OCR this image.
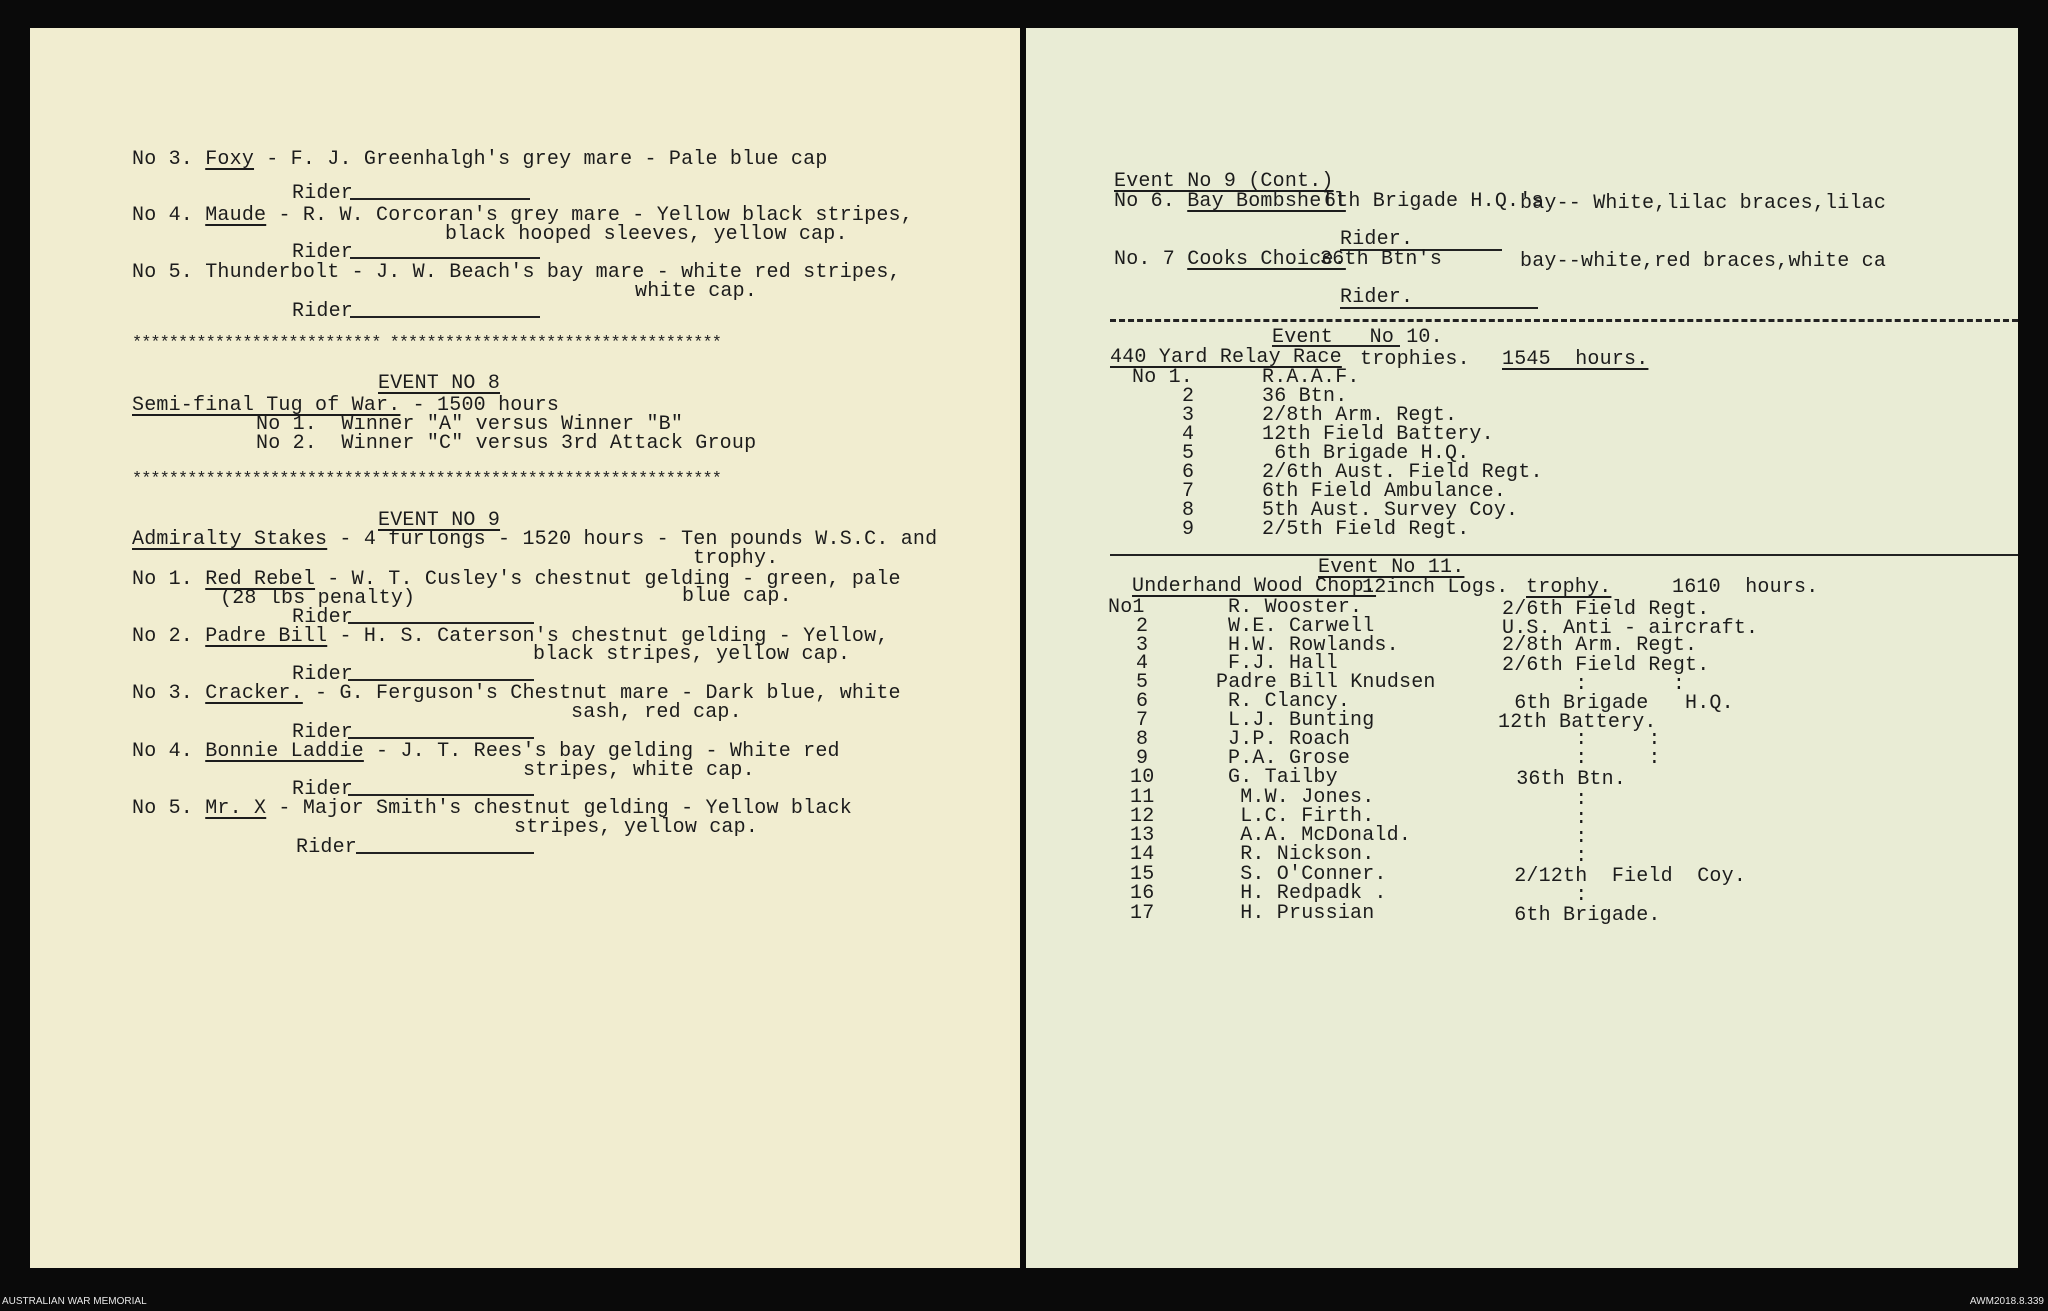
No 3. Foxy - F. J. Greenhalgh's grey mare - Pale blue cap
Rider
No 4. Maude - R. W. Corcoran's grey mare - Yellow black stripes,
black hooped sleeves, yellow cap.
Rider
No 5. Thunderbolt - J. W. Beach's bay mare - white red stripes,
white cap.
Rider
*************************** ************************************
EVENT NO 8
Semi-final Tug of War. - 1500 hours
No 1.  Winner "A" versus Winner "B"
No 2.  Winner "C" versus 3rd Attack Group
****************************************************************
EVENT NO 9
Admiralty Stakes - 4 furlongs - 1520 hours - Ten pounds W.S.C. and
trophy.
No 1. Red Rebel - W. T. Cusley's chestnut gelding - green, pale
(28 lbs penalty)	blue cap.
Rider
No 2. Padre Bill - H. S. Caterson's chestnut gelding - Yellow,
black stripes, yellow cap.
Rider
No 3. Cracker. - G. Ferguson's Chestnut mare - Dark blue, white
sash, red cap.
Rider
No 4. Bonnie Laddie - J. T. Rees's bay gelding - White red
stripes, white cap.
Rider
No 5. Mr. X - Major Smith's chestnut gelding - Yellow black
stripes, yellow cap.
Rider
Event No 9 (Cont.)
No 6. Bay Bombshell
6th Brigade H.Q.'s
bay-- White,lilac braces,lilac
Rider.
No. 7 Cooks Choice.
36th Btn's	bay--white,red braces,white ca
Rider.
Event   No 10.
440 Yard Relay Race trophies. 1545  hours.
No 1.	R.A.A.F.
2	36 Btn.
3	2/8th Arm. Regt.
4	12th Field Battery.
5	6th Brigade H.Q.
6	2/6th Aust. Field Regt.
7	6th Field Ambulance.
8	5th Aust. Survey Coy.
9	2/5th Field Regt.
Event No 11.
Underhand Wood Chop.
12inch Logs. trophy.	1610  hours.
No1	R. Wooster.	2/6th Field Regt.
2	W.E. Carwell	U.S. Anti - aircraft.
3	H.W. Rowlands.	2/8th Arm. Regt.
4	F.J. Hall	2/6th Field Regt.
5	Padre Bill Knudsen	:       :
6	R. Clancy.	6th Brigade   H.Q.
7	L.J. Bunting	12th Battery.
8	J.P. Roach	:     :
9	P.A. Grose	:     :
10	G. Tailby	36th Btn.
11	M.W. Jones.	:
12	L.C. Firth.	:
13	A.A. McDonald.	:
14	R. Nickson.	:
15	S. O'Conner.	2/12th  Field  Coy.
16	H. Redpadk .	:
17	H. Prussian	6th Brigade.
AUSTRALIAN WAR MEMORIAL	AWM2018.8.339
